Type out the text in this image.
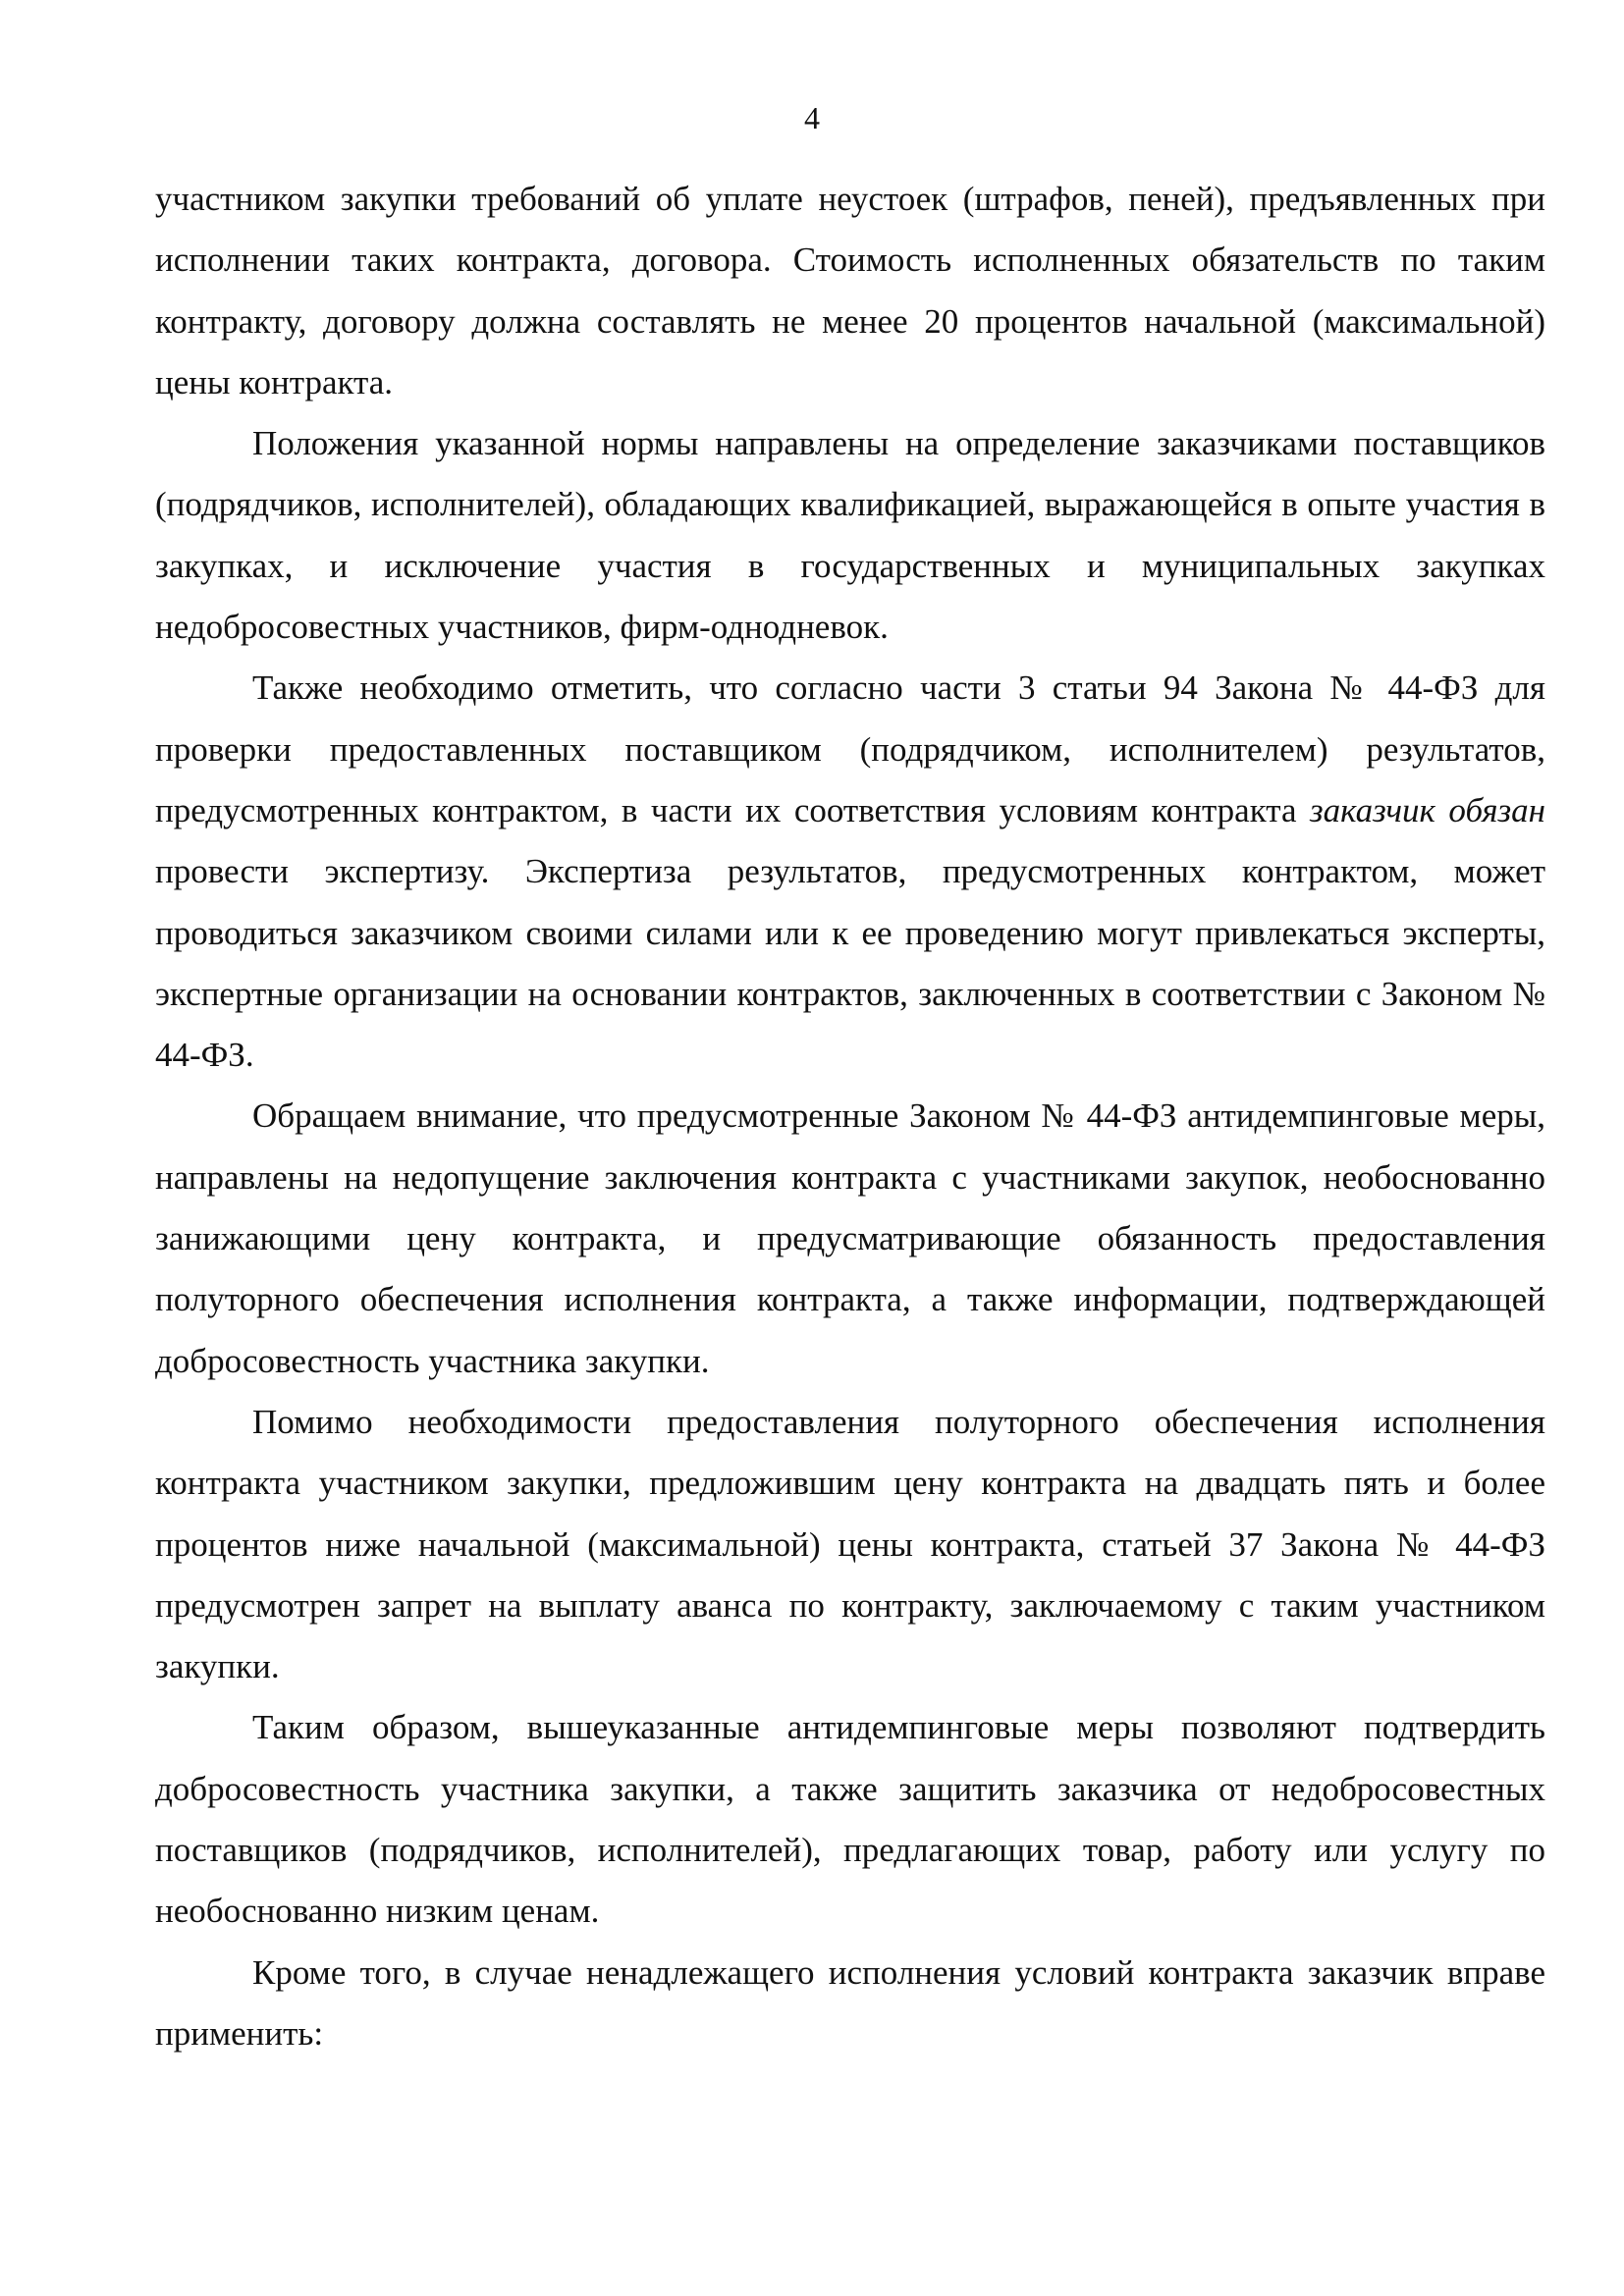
4

участником закупки требований об уплате неустоек (штрафов, пеней), предъявленных при исполнении таких контракта, договора. Стоимость исполненных обязательств по таким контракту, договору должна составлять не менее 20 процентов начальной (максимальной) цены контракта.

Положения указанной нормы направлены на определение заказчиками поставщиков (подрядчиков, исполнителей), обладающих квалификацией, выражающейся в опыте участия в закупках, и исключение участия в государственных и муниципальных закупках недобросовестных участников, фирм-однодневок.

Также необходимо отметить, что согласно части 3 статьи 94 Закона № 44-ФЗ для проверки предоставленных поставщиком (подрядчиком, исполнителем) результатов, предусмотренных контрактом, в части их соответствия условиям контракта заказчик обязан провести экспертизу. Экспертиза результатов, предусмотренных контрактом, может проводиться заказчиком своими силами или к ее проведению могут привлекаться эксперты, экспертные организации на основании контрактов, заключенных в соответствии с Законом № 44-ФЗ.

Обращаем внимание, что предусмотренные Законом № 44-ФЗ антидемпинговые меры, направлены на недопущение заключения контракта с участниками закупок, необоснованно занижающими цену контракта, и предусматривающие обязанность предоставления полуторного обеспечения исполнения контракта, а также информации, подтверждающей добросовестность участника закупки.

Помимо необходимости предоставления полуторного обеспечения исполнения контракта участником закупки, предложившим цену контракта на двадцать пять и более процентов ниже начальной (максимальной) цены контракта, статьей 37 Закона № 44-ФЗ предусмотрен запрет на выплату аванса по контракту, заключаемому с таким участником закупки.

Таким образом, вышеуказанные антидемпинговые меры позволяют подтвердить добросовестность участника закупки, а также защитить заказчика от недобросовестных поставщиков (подрядчиков, исполнителей), предлагающих товар, работу или услугу по необоснованно низким ценам.

Кроме того, в случае ненадлежащего исполнения условий контракта заказчик вправе применить:
